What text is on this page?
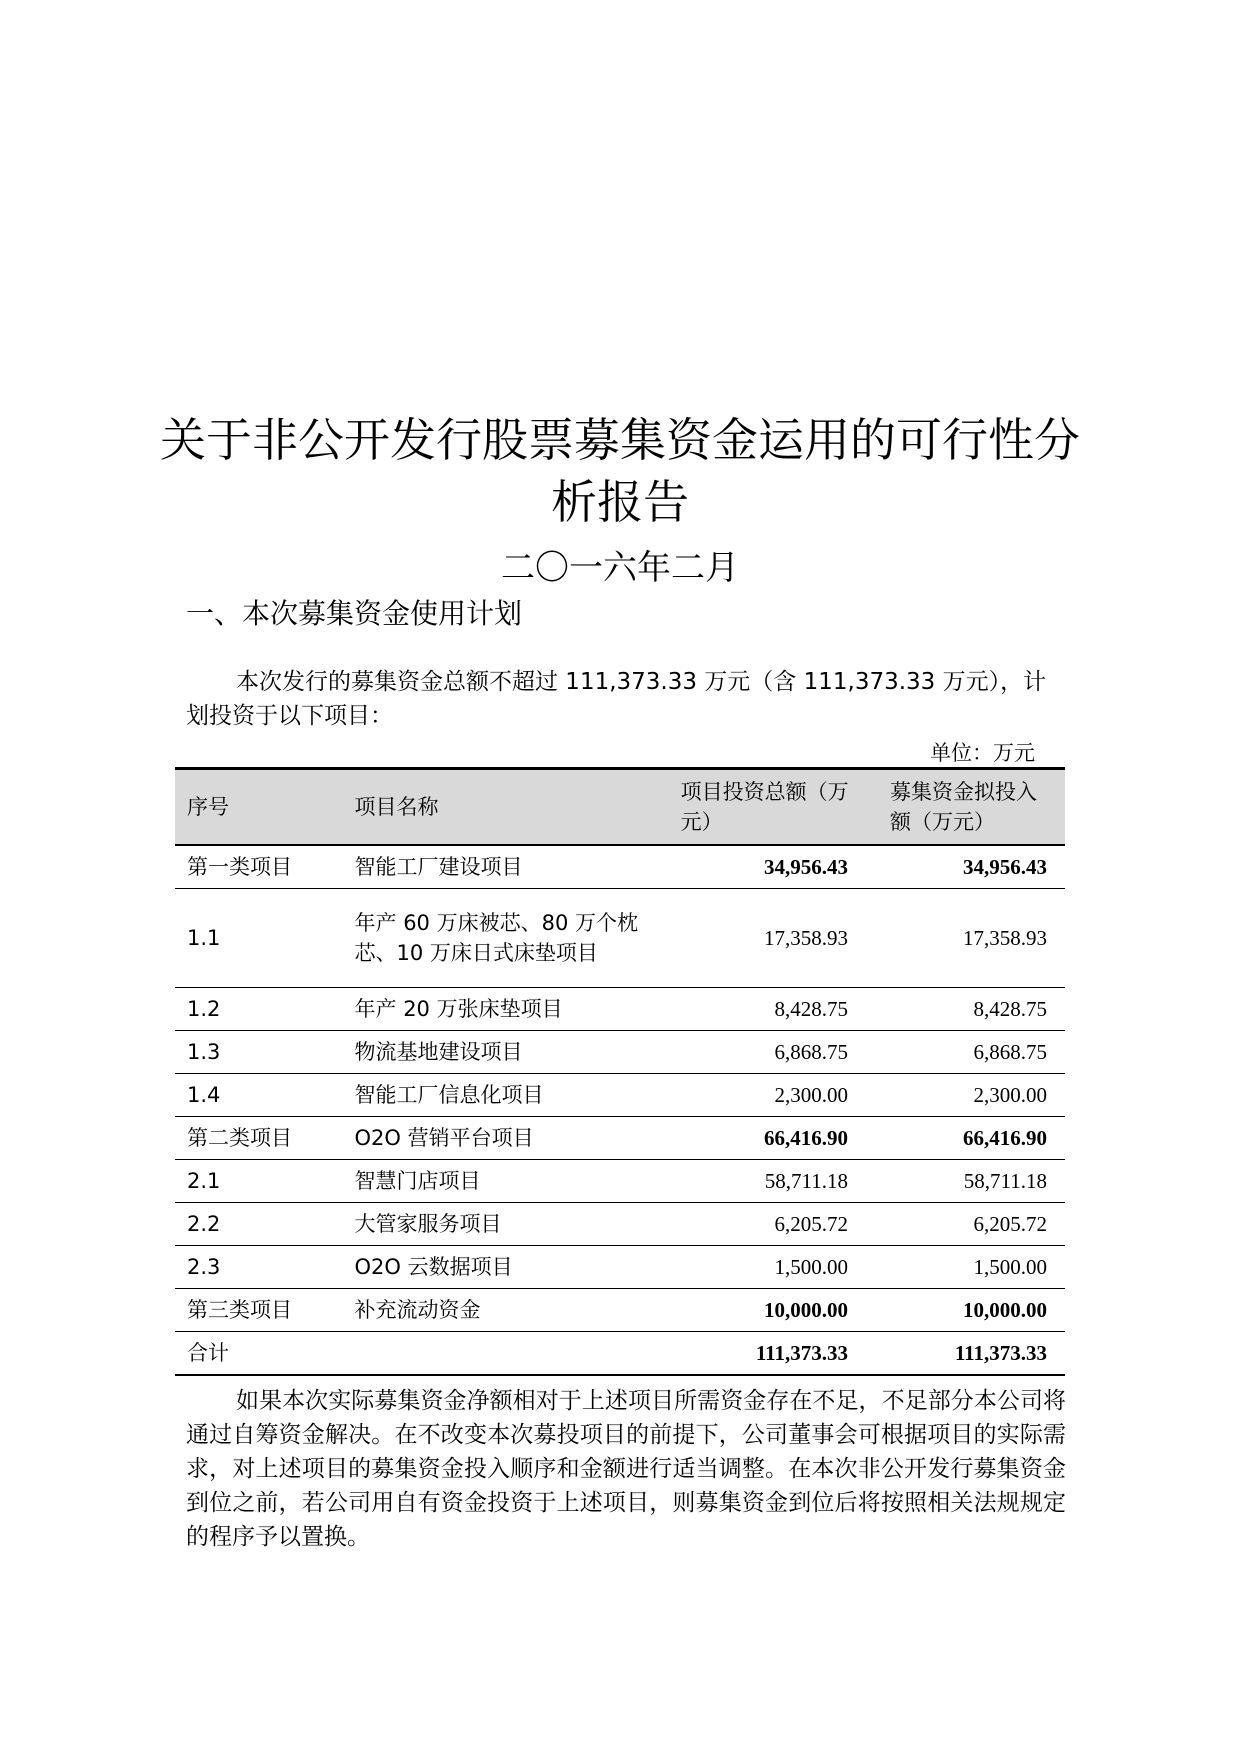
关于非公开发行股票募集资金运用的可行性分析报告
二〇一六年二月
一、本次募集资金使用计划

本次发行的募集资金总额不超过 111,373.33 万元（含 111,373.33 万元），计划投资于以下项目：

单位：万元
序号	项目名称	项目投资总额（万元）	募集资金拟投入额（万元）
第一类项目	智能工厂建设项目	34,956.43	34,956.43
1.1	年产 60 万床被芯、80 万个枕芯、10 万床日式床垫项目	17,358.93	17,358.93
1.2	年产 20 万张床垫项目	8,428.75	8,428.75
1.3	物流基地建设项目	6,868.75	6,868.75
1.4	智能工厂信息化项目	2,300.00	2,300.00
第二类项目	O2O 营销平台项目	66,416.90	66,416.90
2.1	智慧门店项目	58,711.18	58,711.18
2.2	大管家服务项目	6,205.72	6,205.72
2.3	O2O 云数据项目	1,500.00	1,500.00
第三类项目	补充流动资金	10,000.00	10,000.00
合计		111,373.33	111,373.33

如果本次实际募集资金净额相对于上述项目所需资金存在不足，不足部分本公司将通过自筹资金解决。在不改变本次募投项目的前提下，公司董事会可根据项目的实际需求，对上述项目的募集资金投入顺序和金额进行适当调整。在本次非公开发行募集资金到位之前，若公司用自有资金投资于上述项目，则募集资金到位后将按照相关法规规定的程序予以置换。
